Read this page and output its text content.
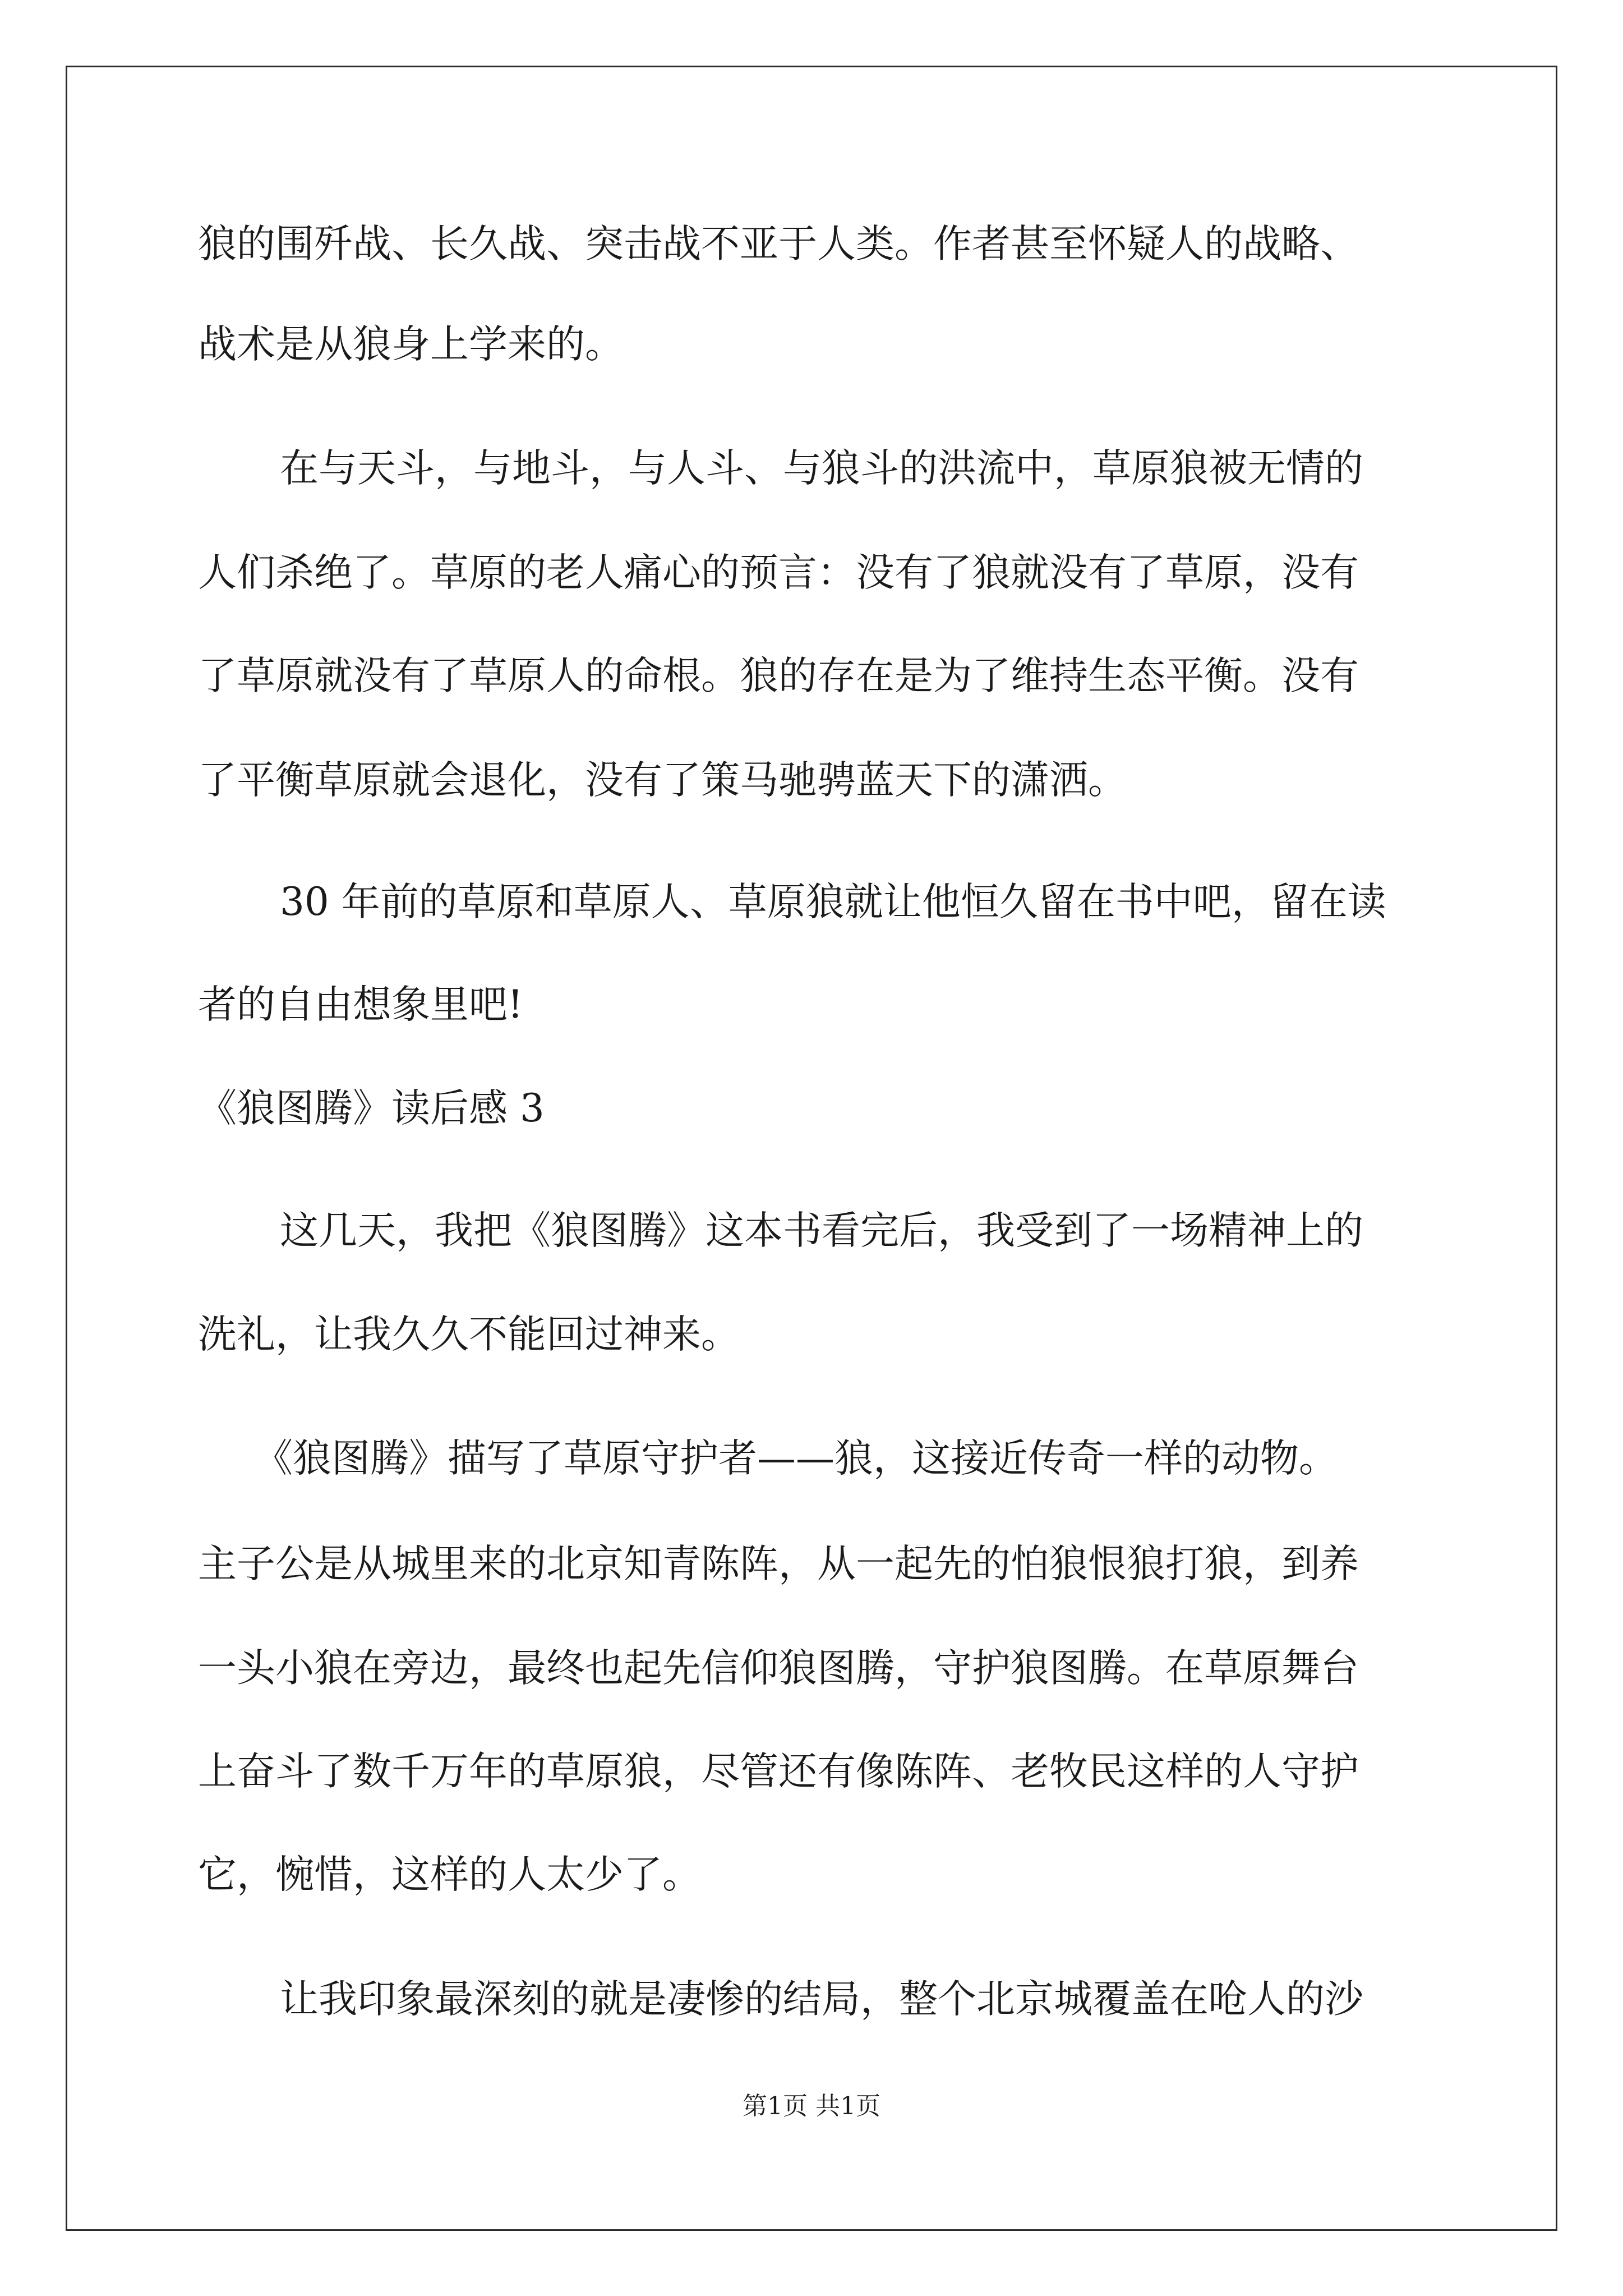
狼的围歼战、长久战、突击战不亚于人类。作者甚至怀疑人的战略、
战术是从狼身上学来的。
在与天斗，与地斗，与人斗、与狼斗的洪流中，草原狼被无情的
人们杀绝了。草原的老人痛心的预言：没有了狼就没有了草原，没有
了草原就没有了草原人的命根。狼的存在是为了维持生态平衡。没有
了平衡草原就会退化，没有了策马驰骋蓝天下的潇洒。
30 年前的草原和草原人、草原狼就让他恒久留在书中吧，留在读
者的自由想象里吧!
《狼图腾》读后感 3
这几天，我把《狼图腾》这本书看完后，我受到了一场精神上的
洗礼，让我久久不能回过神来。
《狼图腾》描写了草原守护者——狼，这接近传奇一样的动物。
主子公是从城里来的北京知青陈阵，从一起先的怕狼恨狼打狼，到养
一头小狼在旁边，最终也起先信仰狼图腾，守护狼图腾。在草原舞台
上奋斗了数千万年的草原狼，尽管还有像陈阵、老牧民这样的人守护
它，惋惜，这样的人太少了。
让我印象最深刻的就是凄惨的结局，整个北京城覆盖在呛人的沙
第1页 共1页
